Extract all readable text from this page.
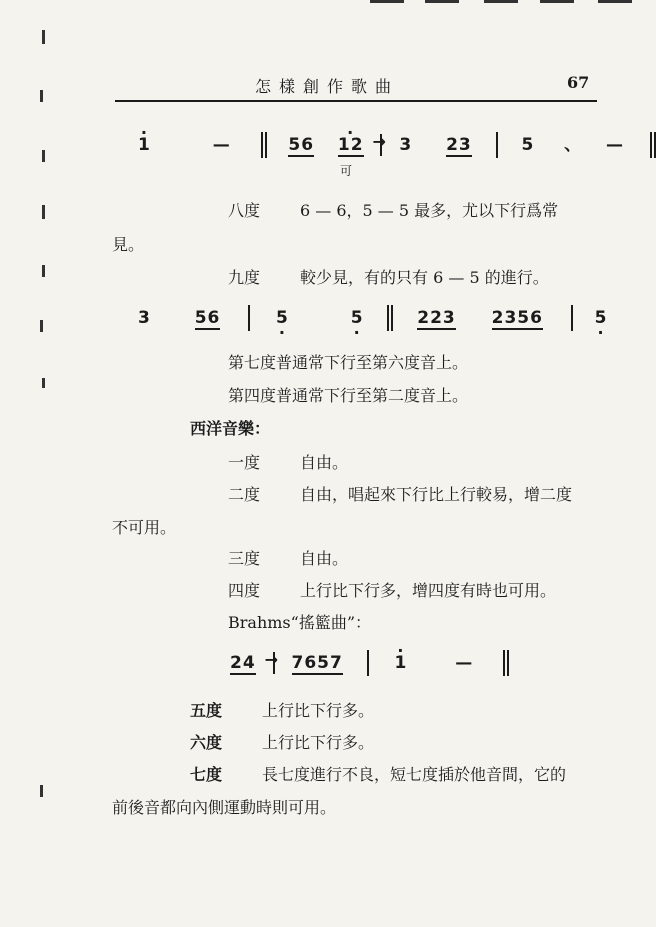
怎樣創作歌曲	67
· 1	—	56 · 12 → 3 23	5 、 —
可
八度 6 — 6，5 — 5 最多，尤以下行爲常
見。
九度 較少見，有的只有 6 — 5 的進行。
3	56	5 ·	5 ·	223 2356	5 ·
第七度普通常下行至第六度音上。
第四度普通常下行至第二度音上。
西洋音樂：
一度 自由。
二度 自由，唱起來下行比上行較易，增二度
不可用。
三度 自由。
四度 上行比下行多，增四度有時也可用。
Brahms“搖籃曲”：
24 → 7657	· 1	—
五度 上行比下行多。
六度 上行比下行多。
七度 長七度進行不良，短七度插於他音間，它的
前後音都向內側運動時則可用。
